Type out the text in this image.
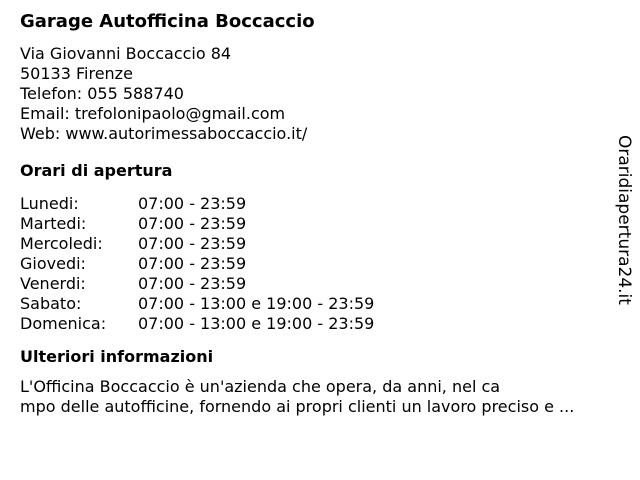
Garage Autofficina Boccaccio
Via Giovanni Boccaccio 84
50133 Firenze
Telefon: 055 588740
Email: trefolonipaolo@gmail.com
Web: www.autorimessaboccaccio.it/
Orari di apertura
Lunedi:	07:00 - 23:59
Martedi:	07:00 - 23:59
Mercoledi:	07:00 - 23:59
Giovedi:	07:00 - 23:59
Venerdi:	07:00 - 23:59
Sabato:	07:00 - 13:00 e 19:00 - 23:59
Domenica:	07:00 - 13:00 e 19:00 - 23:59
Ulteriori informazioni
L'Officina Boccaccio è un'azienda che opera, da anni, nel ca
mpo delle autofficine, fornendo ai propri clienti un lavoro preciso e ...
Oraridiapertura24.it
